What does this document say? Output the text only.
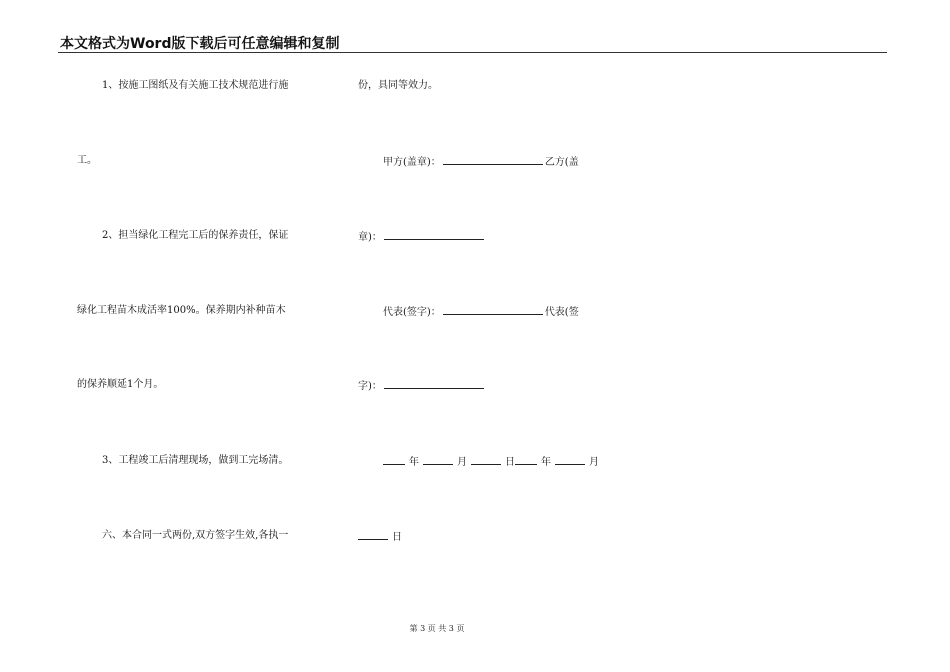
本文格式为Word版下载后可任意编辑和复制
1、按施工图纸及有关施工技术规范进行施
工。
2、担当绿化工程完工后的保养责任，保证
绿化工程苗木成活率100%。保养期内补种苗木
的保养顺延1个月。
3、工程竣工后清理现场，做到工完场清。
六、本合同一式两份,双方签字生效,各执一
份，具同等效力。
甲方(盖章)：	乙方(盖
章)：
代表(签字)：	代表(签
字)：
年	月	日	年	月
日
第 3 页 共 3 页
